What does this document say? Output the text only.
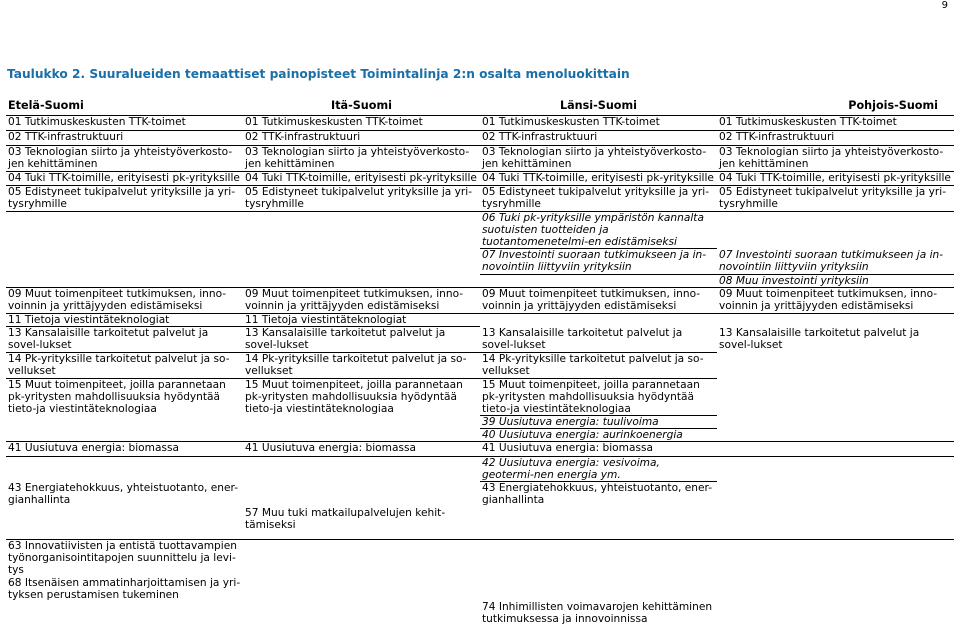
9
Taulukko 2. Suuralueiden temaattiset painopisteet Toimintalinja 2:n osalta menoluokittain
Etelä-Suomi	Itä-Suomi	Länsi-Suomi	Pohjois-Suomi
01 Tutkimuskeskusten TTK-toimet	01 Tutkimuskeskusten TTK-toimet	01 Tutkimuskeskusten TTK-toimet	01 Tutkimuskeskusten TTK-toimet
02 TTK-infrastruktuuri	02 TTK-infrastruktuuri	02 TTK-infrastruktuuri	02 TTK-infrastruktuuri
03 Teknologian siirto ja yhteistyöverkosto-jen kehittäminen	03 Teknologian siirto ja yhteistyöverkosto-jen kehittäminen	03 Teknologian siirto ja yhteistyöverkosto-jen kehittäminen	03 Teknologian siirto ja yhteistyöverkosto-jen kehittäminen
04 Tuki TTK-toimille, erityisesti pk-yrityksille	04 Tuki TTK-toimille, erityisesti pk-yrityksille	04 Tuki TTK-toimille, erityisesti pk-yrityksille	04 Tuki TTK-toimille, erityisesti pk-yrityksille
05 Edistyneet tukipalvelut yrityksille ja yri-tysryhmille	05 Edistyneet tukipalvelut yrityksille ja yri-tysryhmille	05 Edistyneet tukipalvelut yrityksille ja yri-tysryhmille	05 Edistyneet tukipalvelut yrityksille ja yri-tysryhmille
		06 Tuki pk-yrityksille ympäristön kannalta suotuisten tuotteiden ja tuotantomenetelmi-en edistämiseksi	
		07 Investointi suoraan tutkimukseen ja in-novointiin liittyviin yrityksiin	07 Investointi suoraan tutkimukseen ja in-novointiin liittyviin yrityksiin
			08 Muu investointi yrityksiin
09 Muut toimenpiteet tutkimuksen, inno-voinnin ja yrittäjyyden edistämiseksi	09 Muut toimenpiteet tutkimuksen, inno-voinnin ja yrittäjyyden edistämiseksi	09 Muut toimenpiteet tutkimuksen, inno-voinnin ja yrittäjyyden edistämiseksi	09 Muut toimenpiteet tutkimuksen, inno-voinnin ja yrittäjyyden edistämiseksi
11 Tietoja viestintäteknologiat	11 Tietoja viestintäteknologiat		
13 Kansalaisille tarkoitetut palvelut ja sovel-lukset	13 Kansalaisille tarkoitetut palvelut ja sovel-lukset	13 Kansalaisille tarkoitetut palvelut ja sovel-lukset	13 Kansalaisille tarkoitetut palvelut ja sovel-lukset
14 Pk-yrityksille tarkoitetut palvelut ja so-vellukset	14 Pk-yrityksille tarkoitetut palvelut ja so-vellukset	14 Pk-yrityksille tarkoitetut palvelut ja so-vellukset	
15 Muut toimenpiteet, joilla parannetaan pk-yritysten mahdollisuuksia hyödyntää tieto-ja viestintäteknologiaa	15 Muut toimenpiteet, joilla parannetaan pk-yritysten mahdollisuuksia hyödyntää tieto-ja viestintäteknologiaa	15 Muut toimenpiteet, joilla parannetaan pk-yritysten mahdollisuuksia hyödyntää tieto-ja viestintäteknologiaa	
		39 Uusiutuva energia: tuulivoima	
		40 Uusiutuva energia: aurinkoenergia	
41 Uusiutuva energia: biomassa	41 Uusiutuva energia: biomassa	41 Uusiutuva energia: biomassa	
		42 Uusiutuva energia: vesivoima, geotermi-nen energia ym.	
43 Energiatehokkuus, yhteistuotanto, ener-gianhallinta		43 Energiatehokkuus, yhteistuotanto, ener-gianhallinta	
	57 Muu tuki matkailupalvelujen kehit-tämiseksi		
63 Innovatiivisten ja entistä tuottavampien työnorganisointitapojen suunnittelu ja levi-tys			
68 Itsenäisen ammatinharjoittamisen ja yri-tyksen perustamisen tukeminen			
		74 Inhimillisten voimavarojen kehittäminen tutkimuksessa ja innovoinnissa	
